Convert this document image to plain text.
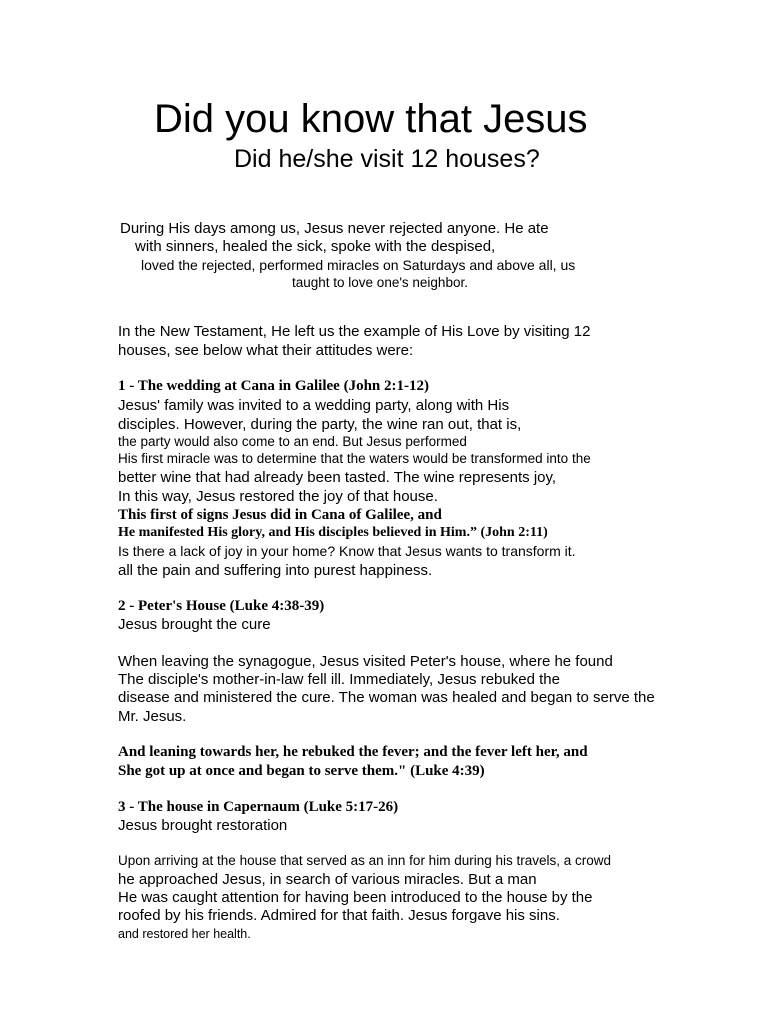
Did you know that Jesus
Did he/she visit 12 houses?
During His days among us, Jesus never rejected anyone. He ate
with sinners, healed the sick, spoke with the despised,
loved the rejected, performed miracles on Saturdays and above all, us
taught to love one's neighbor.
In the New Testament, He left us the example of His Love by visiting 12
houses, see below what their attitudes were:
1 - The wedding at Cana in Galilee (John 2:1-12)
Jesus' family was invited to a wedding party, along with His
disciples. However, during the party, the wine ran out, that is,
the party would also come to an end. But Jesus performed
His first miracle was to determine that the waters would be transformed into the
better wine that had already been tasted. The wine represents joy,
In this way, Jesus restored the joy of that house.
This first of signs Jesus did in Cana of Galilee, and
He manifested His glory, and His disciples believed in Him.” (John 2:11)
Is there a lack of joy in your home? Know that Jesus wants to transform it.
all the pain and suffering into purest happiness.
2 - Peter's House (Luke 4:38-39)
Jesus brought the cure
When leaving the synagogue, Jesus visited Peter's house, where he found
The disciple's mother-in-law fell ill. Immediately, Jesus rebuked the
disease and ministered the cure. The woman was healed and began to serve the
Mr. Jesus.
And leaning towards her, he rebuked the fever; and the fever left her, and
She got up at once and began to serve them." (Luke 4:39)
3 - The house in Capernaum (Luke 5:17-26)
Jesus brought restoration
Upon arriving at the house that served as an inn for him during his travels, a crowd
he approached Jesus, in search of various miracles. But a man
He was caught attention for having been introduced to the house by the
roofed by his friends. Admired for that faith. Jesus forgave his sins.
and restored her health.
